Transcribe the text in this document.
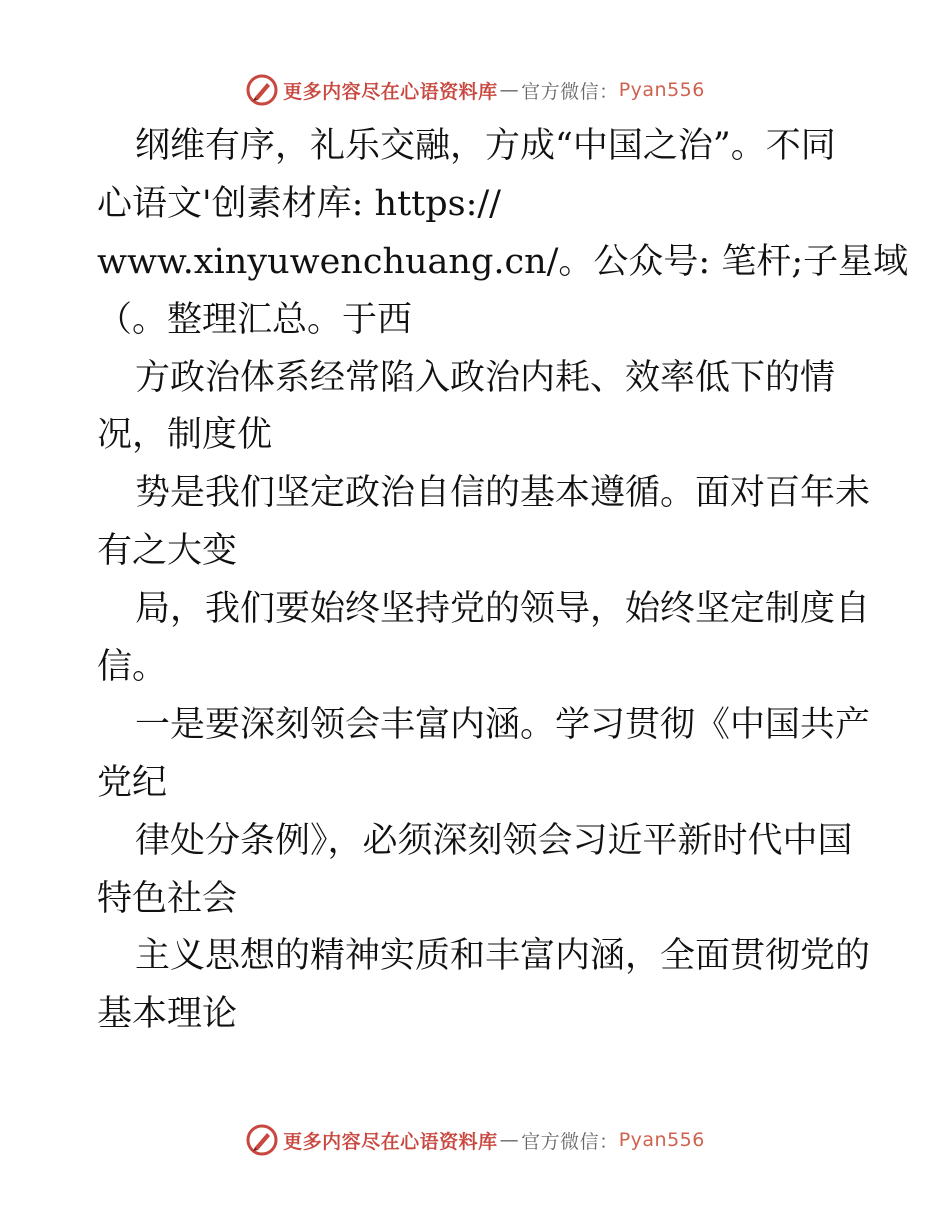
更多内容尽在心语资料库 — 官方微信： Pyan556
纲维有序，礼乐交融，方成“中国之治”。不同
心语文'创素材库: https://
www.xinyuwenchuang.cn/。公众号: 笔杆;子星域
（。整理汇总。于西
方政治体系经常陷入政治内耗、效率低下的情
况，制度优
势是我们坚定政治自信的基本遵循。面对百年未
有之大变
局，我们要始终坚持党的领导，始终坚定制度自
信。
一是要深刻领会丰富内涵。学习贯彻《中国共产
党纪
律处分条例》，必须深刻领会习近平新时代中国
特色社会
主义思想的精神实质和丰富内涵，全面贯彻党的
基本理论
更多内容尽在心语资料库 — 官方微信： Pyan556
